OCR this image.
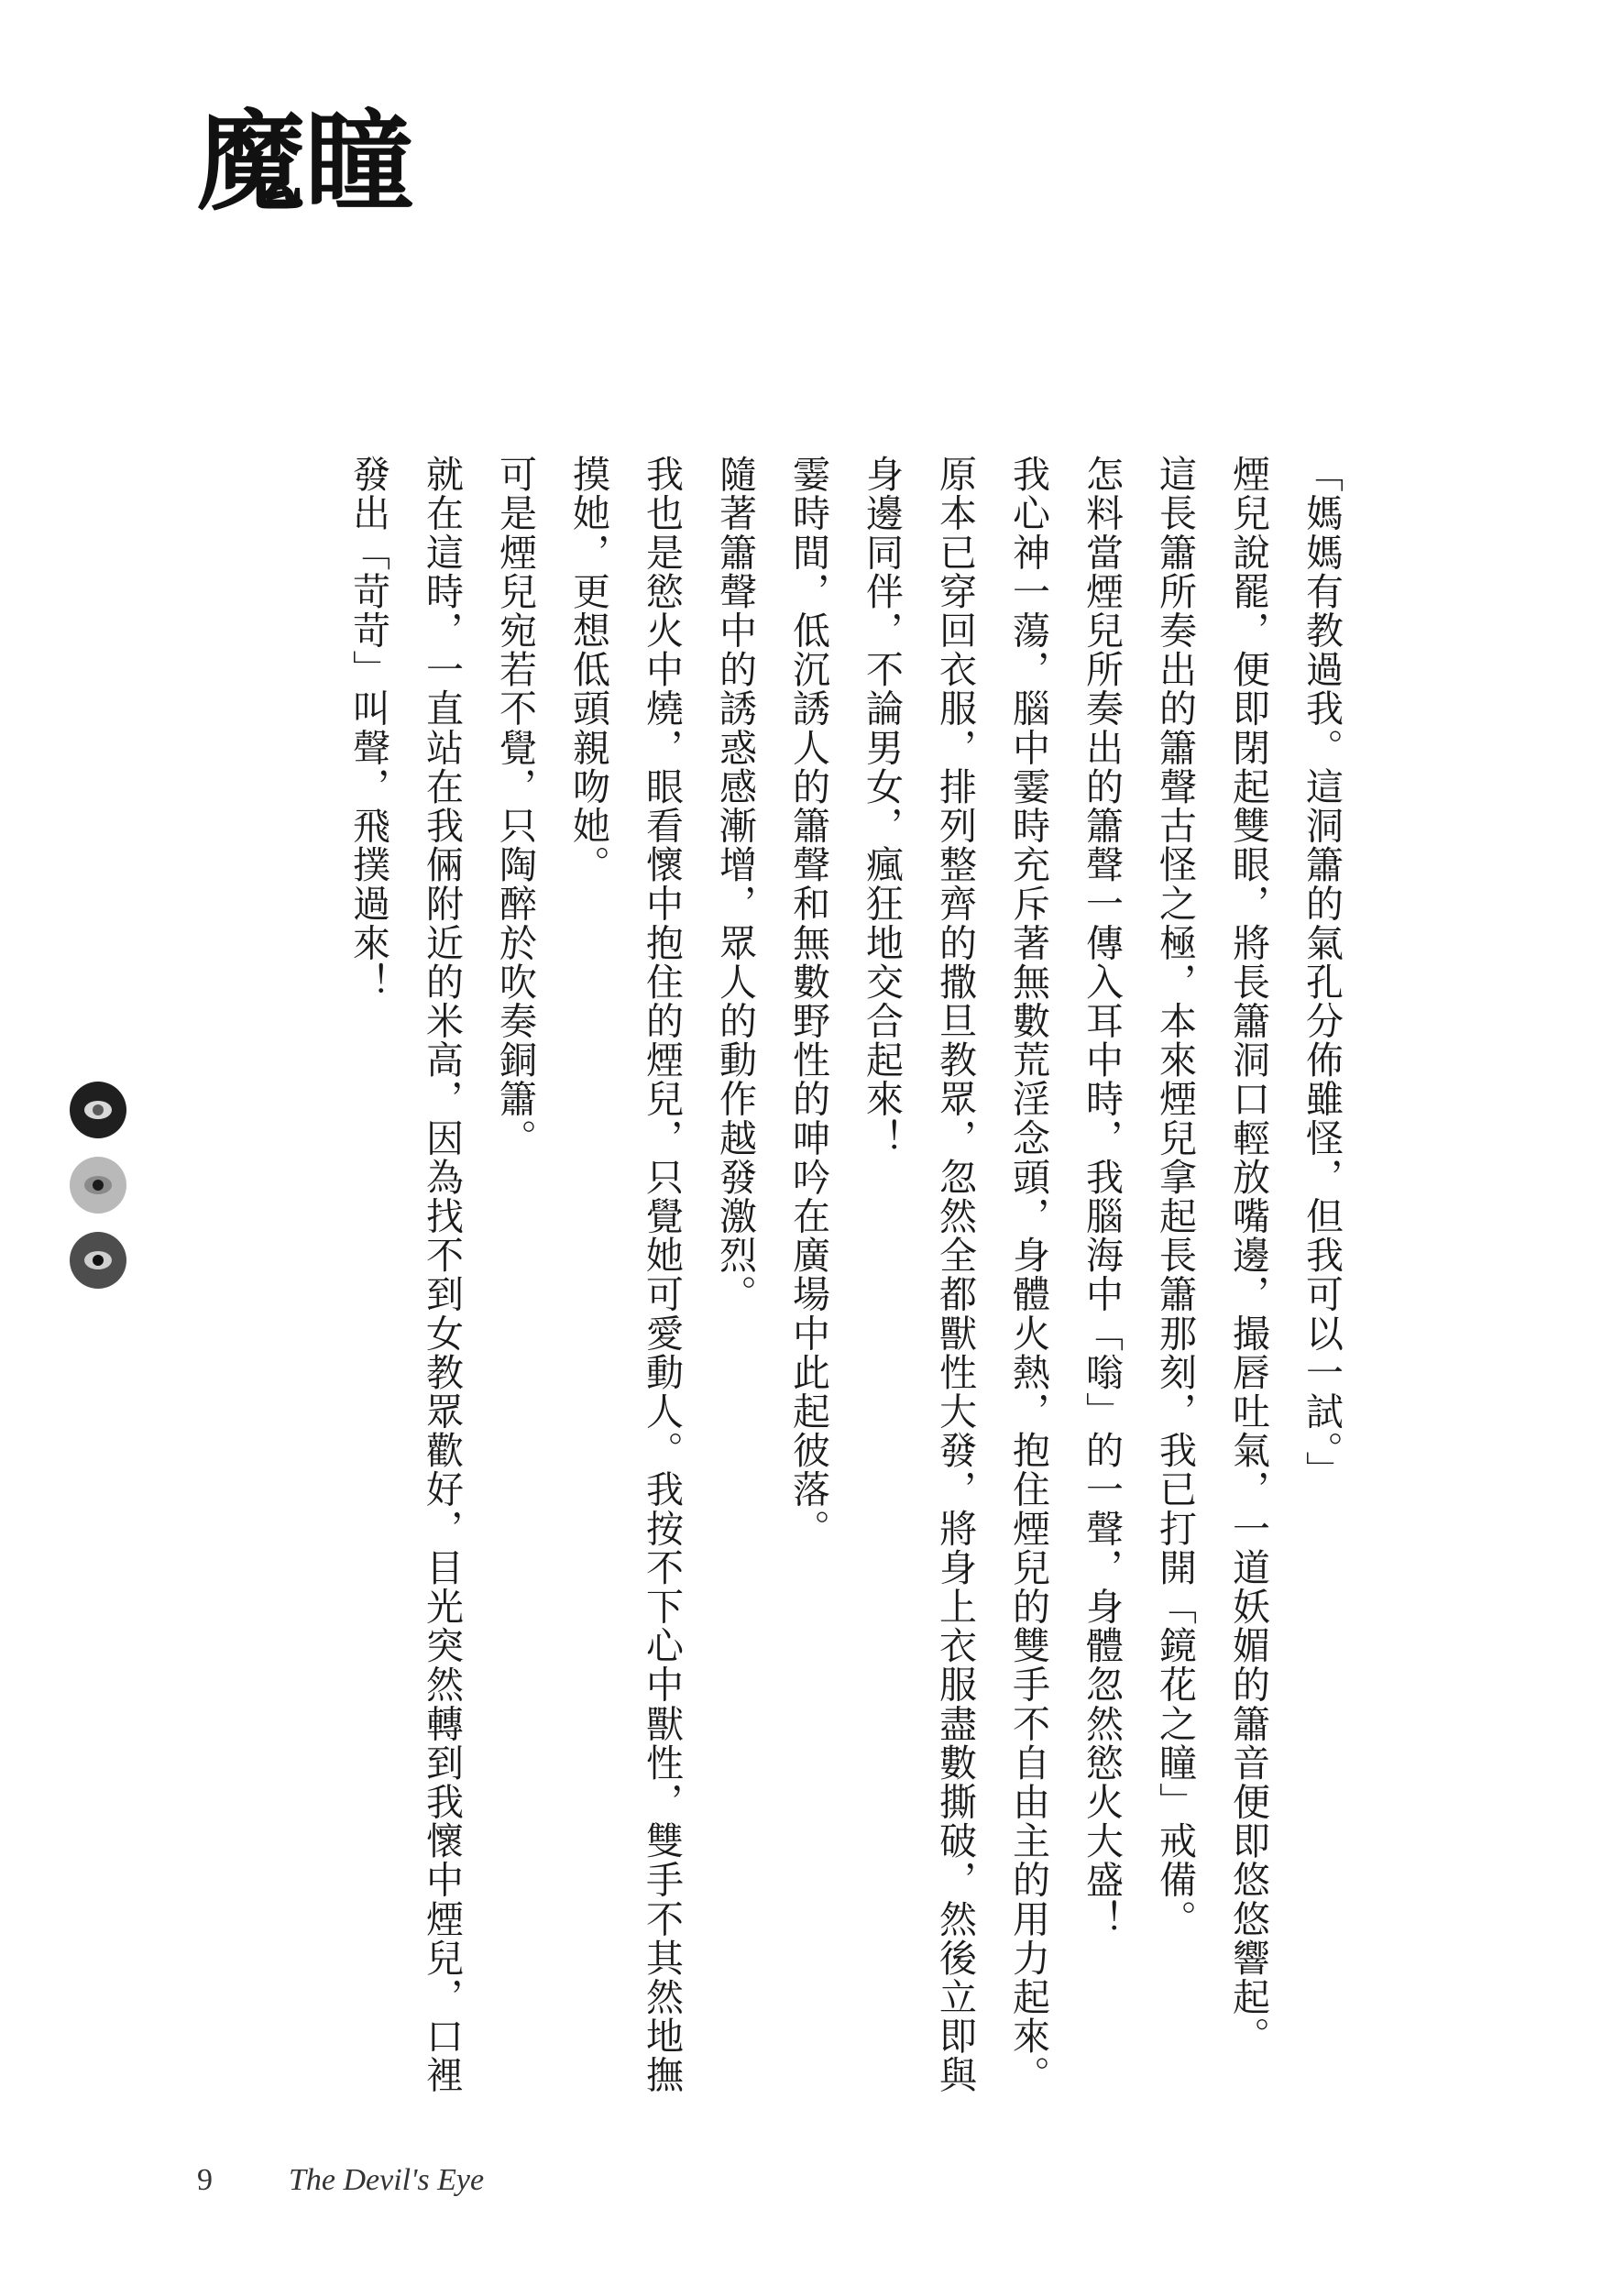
魔瞳

「媽媽有教過我。這洞簫的氣孔分佈雖怪，但我可以一試。」

煙兒說罷，便即閉起雙眼，將長簫洞口輕放嘴邊，撮唇吐氣，一道妖媚的簫音便即悠悠響起。

這長簫所奏出的簫聲古怪之極，本來煙兒拿起長簫那刻，我已打開「鏡花之瞳」戒備。

怎料當煙兒所奏出的簫聲一傳入耳中時，我腦海中「嗡」的一聲，身體忽然慾火大盛！

我心神一蕩，腦中霎時充斥著無數荒淫念頭，身體火熱，抱住煙兒的雙手不自由主的用力起來。

原本已穿回衣服，排列整齊的撒旦教眾，忽然全都獸性大發，將身上衣服盡數撕破，然後立即與身邊同伴，不論男女，瘋狂地交合起來！

霎時間，低沉誘人的簫聲和無數野性的呻吟在廣場中此起彼落。

隨著簫聲中的誘惑感漸增，眾人的動作越發激烈。

我也是慾火中燒，眼看懷中抱住的煙兒，只覺她可愛動人。我按不下心中獸性，雙手不其然地撫摸她，更想低頭親吻她。

可是煙兒宛若不覺，只陶醉於吹奏銅簫。

就在這時，一直站在我倆附近的米高，因為找不到女教眾歡好，目光突然轉到我懷中煙兒，口裡發出「苛苛」叫聲，飛撲過來！

9	The Devil's Eye
